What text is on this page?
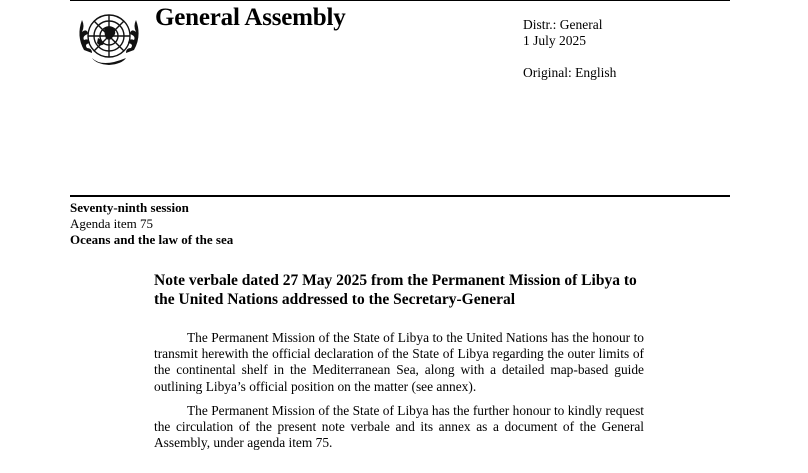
General Assembly	Distr.: General
1 July 2025
Original: English
Seventy-ninth session
Agenda item 75
Oceans and the law of the sea
Note verbale dated 27 May 2025 from the Permanent Mission of Libya to the United Nations addressed to the Secretary-General

The Permanent Mission of the State of Libya to the United Nations has the honour to transmit herewith the official declaration of the State of Libya regarding the outer limits of the continental shelf in the Mediterranean Sea, along with a detailed map-based guide outlining Libya’s official position on the matter (see annex).

The Permanent Mission of the State of Libya has the further honour to kindly request the circulation of the present note verbale and its annex as a document of the General Assembly, under agenda item 75.
